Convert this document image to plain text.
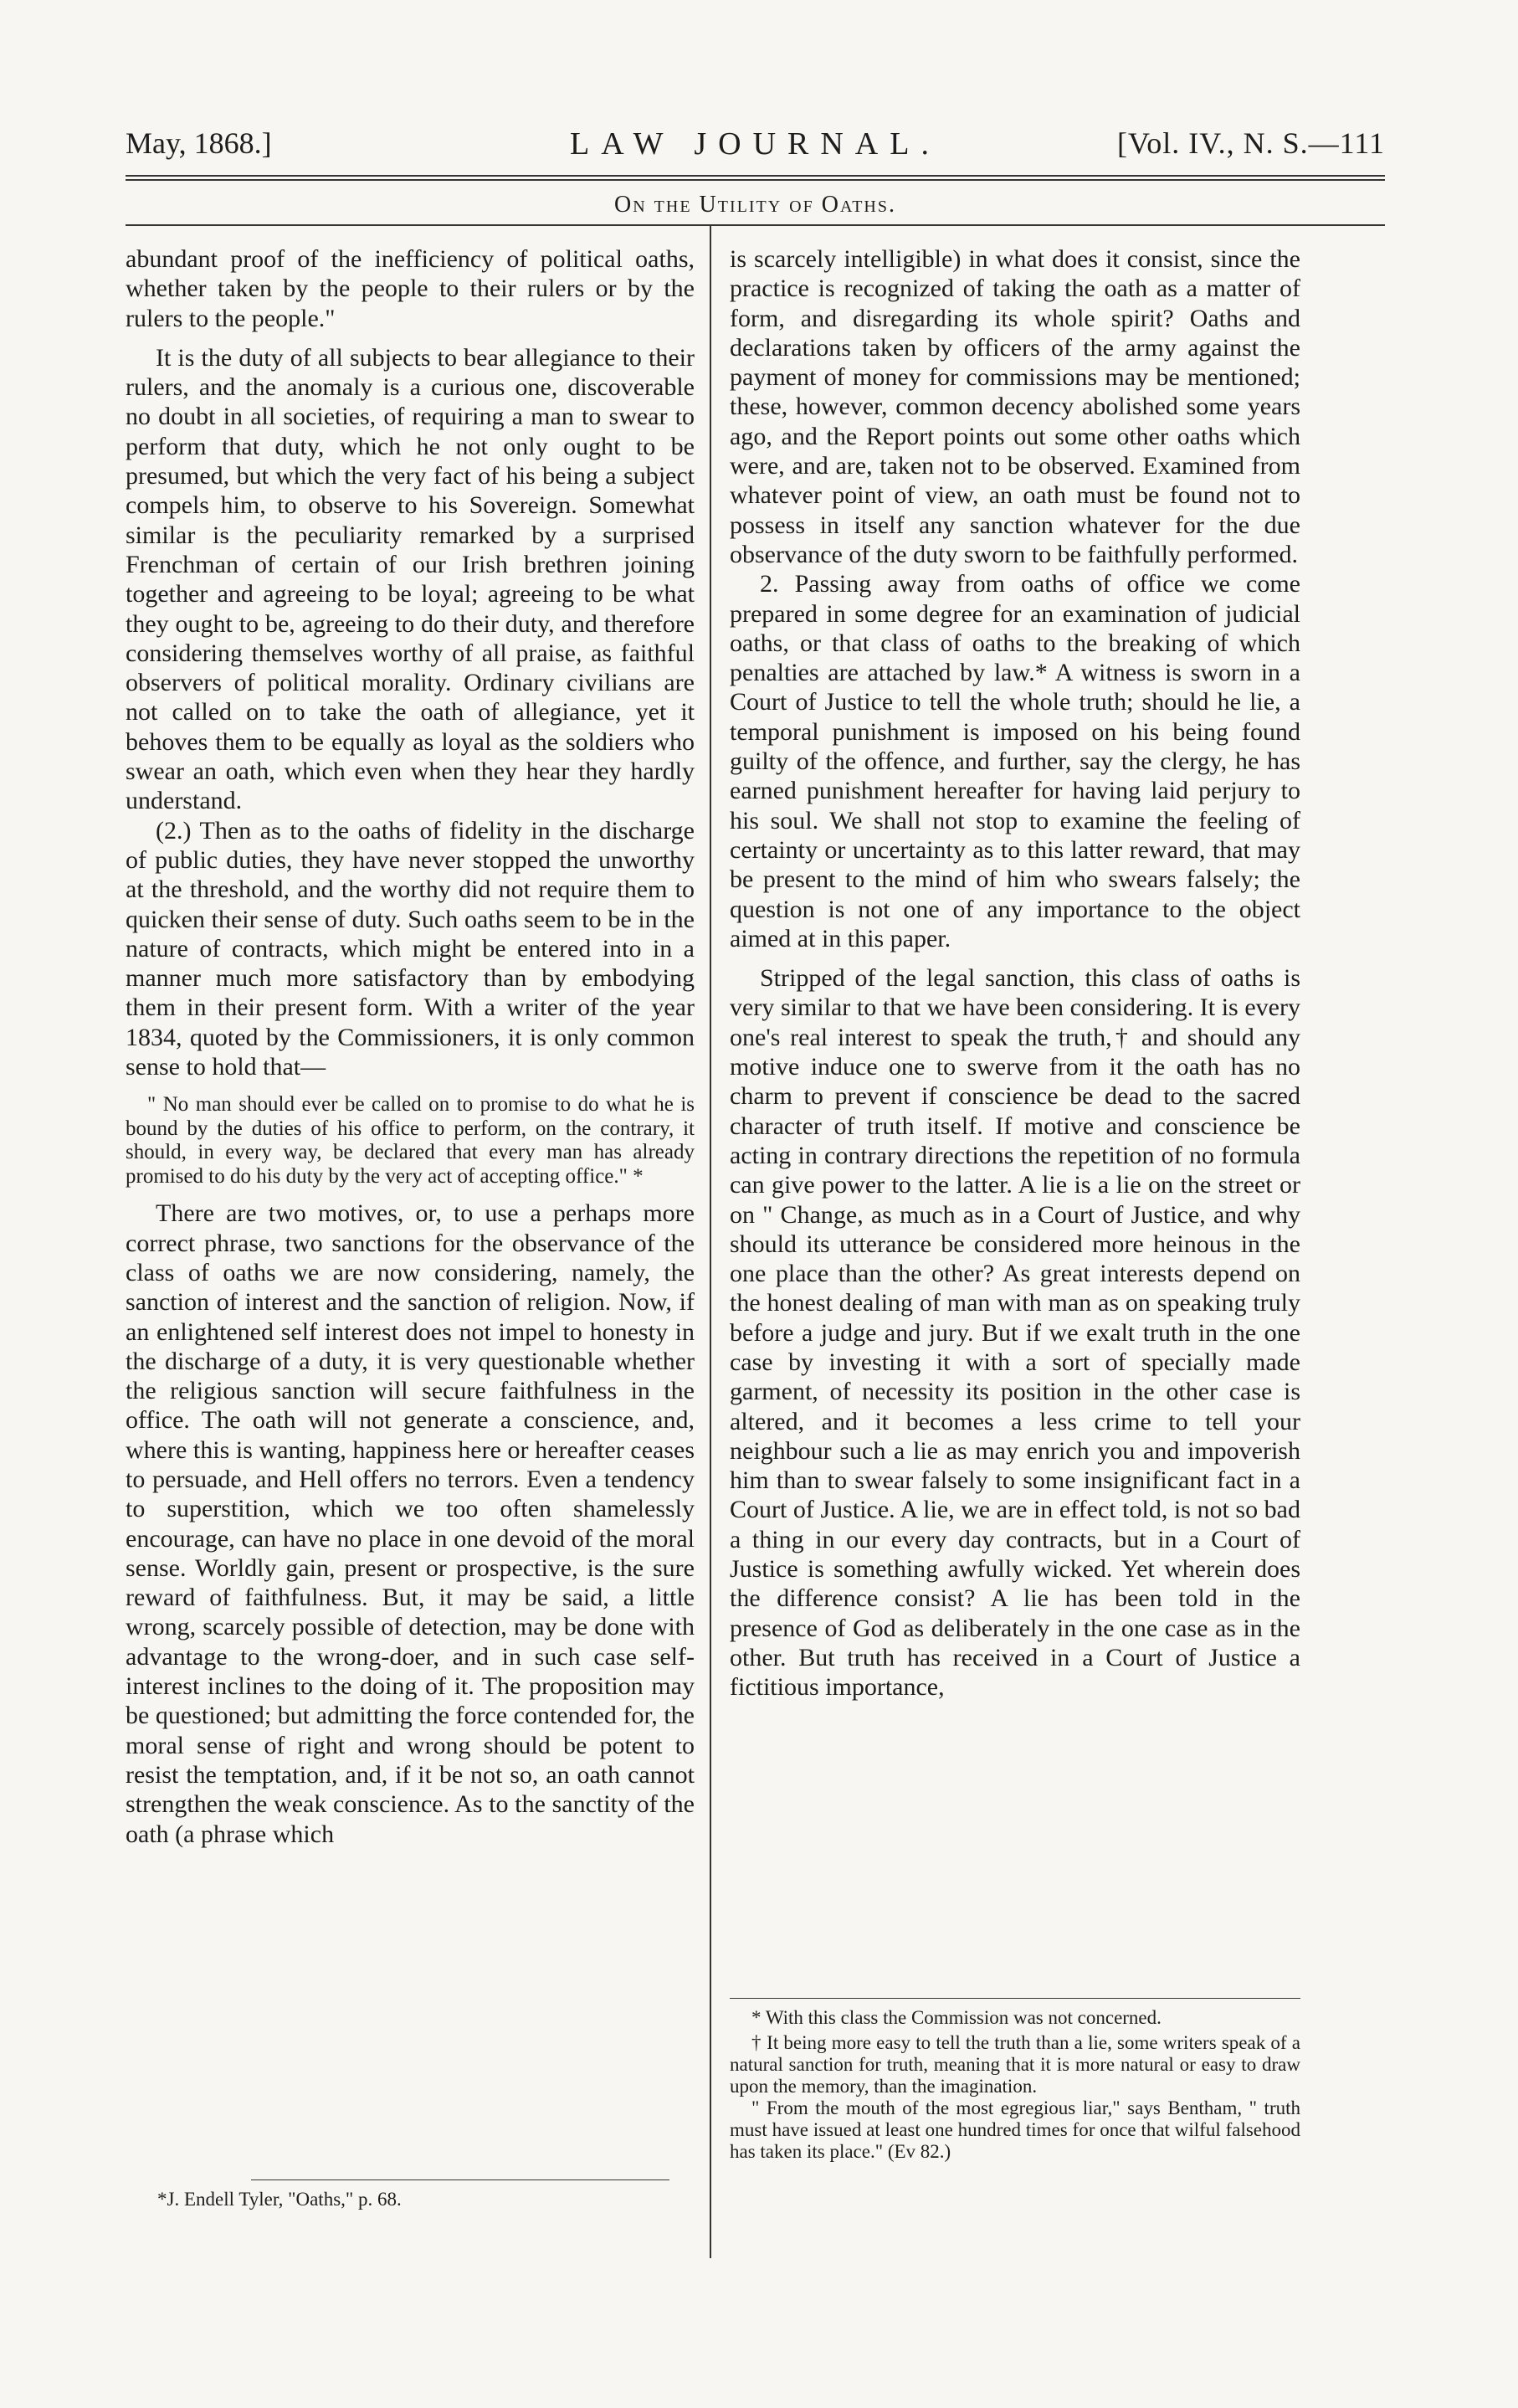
May, 1868.]	LAW JOURNAL.	[Vol. IV., N. S.—111
On the Utility of Oaths.

abundant proof of the inefficiency of political oaths, whether taken by the people to their rulers or by the rulers to the people."

It is the duty of all subjects to bear allegiance to their rulers, and the anomaly is a curious one, discoverable no doubt in all societies, of requiring a man to swear to perform that duty, which he not only ought to be presumed, but which the very fact of his being a subject compels him, to observe to his Sovereign. Somewhat similar is the peculiarity remarked by a surprised Frenchman of certain of our Irish brethren joining together and agreeing to be loyal; agreeing to be what they ought to be, agreeing to do their duty, and therefore considering themselves worthy of all praise, as faithful observers of political morality. Ordinary civilians are not called on to take the oath of allegiance, yet it behoves them to be equally as loyal as the soldiers who swear an oath, which even when they hear they hardly understand.

(2.) Then as to the oaths of fidelity in the discharge of public duties, they have never stopped the unworthy at the threshold, and the worthy did not require them to quicken their sense of duty. Such oaths seem to be in the nature of contracts, which might be entered into in a manner much more satisfactory than by embodying them in their present form. With a writer of the year 1834, quoted by the Commissioners, it is only common sense to hold that—

" No man should ever be called on to promise to do what he is bound by the duties of his office to perform, on the contrary, it should, in every way, be declared that every man has already promised to do his duty by the very act of accepting office." *

There are two motives, or, to use a perhaps more correct phrase, two sanctions for the observance of the class of oaths we are now considering, namely, the sanction of interest and the sanction of religion. Now, if an enlightened self interest does not impel to honesty in the discharge of a duty, it is very questionable whether the religious sanction will secure faithfulness in the office. The oath will not generate a conscience, and, where this is wanting, happiness here or hereafter ceases to persuade, and Hell offers no terrors. Even a tendency to superstition, which we too often shamelessly encourage, can have no place in one devoid of the moral sense. Worldly gain, present or prospective, is the sure reward of faithfulness. But, it may be said, a little wrong, scarcely possible of detection, may be done with advantage to the wrong-doer, and in such case self-interest inclines to the doing of it. The proposition may be questioned; but admitting the force contended for, the moral sense of right and wrong should be potent to resist the temptation, and, if it be not so, an oath cannot strengthen the weak conscience. As to the sanctity of the oath (a phrase which

*J. Endell Tyler, "Oaths," p. 68.

is scarcely intelligible) in what does it consist, since the practice is recognized of taking the oath as a matter of form, and disregarding its whole spirit? Oaths and declarations taken by officers of the army against the payment of money for commissions may be mentioned; these, however, common decency abolished some years ago, and the Report points out some other oaths which were, and are, taken not to be observed. Examined from whatever point of view, an oath must be found not to possess in itself any sanction whatever for the due observance of the duty sworn to be faithfully performed.

2. Passing away from oaths of office we come prepared in some degree for an examination of judicial oaths, or that class of oaths to the breaking of which penalties are attached by law.* A witness is sworn in a Court of Justice to tell the whole truth; should he lie, a temporal punishment is imposed on his being found guilty of the offence, and further, say the clergy, he has earned punishment hereafter for having laid perjury to his soul. We shall not stop to examine the feeling of certainty or uncertainty as to this latter reward, that may be present to the mind of him who swears falsely; the question is not one of any importance to the object aimed at in this paper.

Stripped of the legal sanction, this class of oaths is very similar to that we have been considering. It is every one's real interest to speak the truth,† and should any motive induce one to swerve from it the oath has no charm to prevent if conscience be dead to the sacred character of truth itself. If motive and conscience be acting in contrary directions the repetition of no formula can give power to the latter. A lie is a lie on the street or on " Change, as much as in a Court of Justice, and why should its utterance be considered more heinous in the one place than the other? As great interests depend on the honest dealing of man with man as on speaking truly before a judge and jury. But if we exalt truth in the one case by investing it with a sort of specially made garment, of necessity its position in the other case is altered, and it becomes a less crime to tell your neighbour such a lie as may enrich you and impoverish him than to swear falsely to some insignificant fact in a Court of Justice. A lie, we are in effect told, is not so bad a thing in our every day contracts, but in a Court of Justice is something awfully wicked. Yet wherein does the difference consist? A lie has been told in the presence of God as deliberately in the one case as in the other. But truth has received in a Court of Justice a fictitious importance,

* With this class the Commission was not concerned.

† It being more easy to tell the truth than a lie, some writers speak of a natural sanction for truth, meaning that it is more natural or easy to draw upon the memory, than the imagination.

" From the mouth of the most egregious liar," says Bentham, " truth must have issued at least one hundred times for once that wilful falsehood has taken its place." (Ev 82.)
